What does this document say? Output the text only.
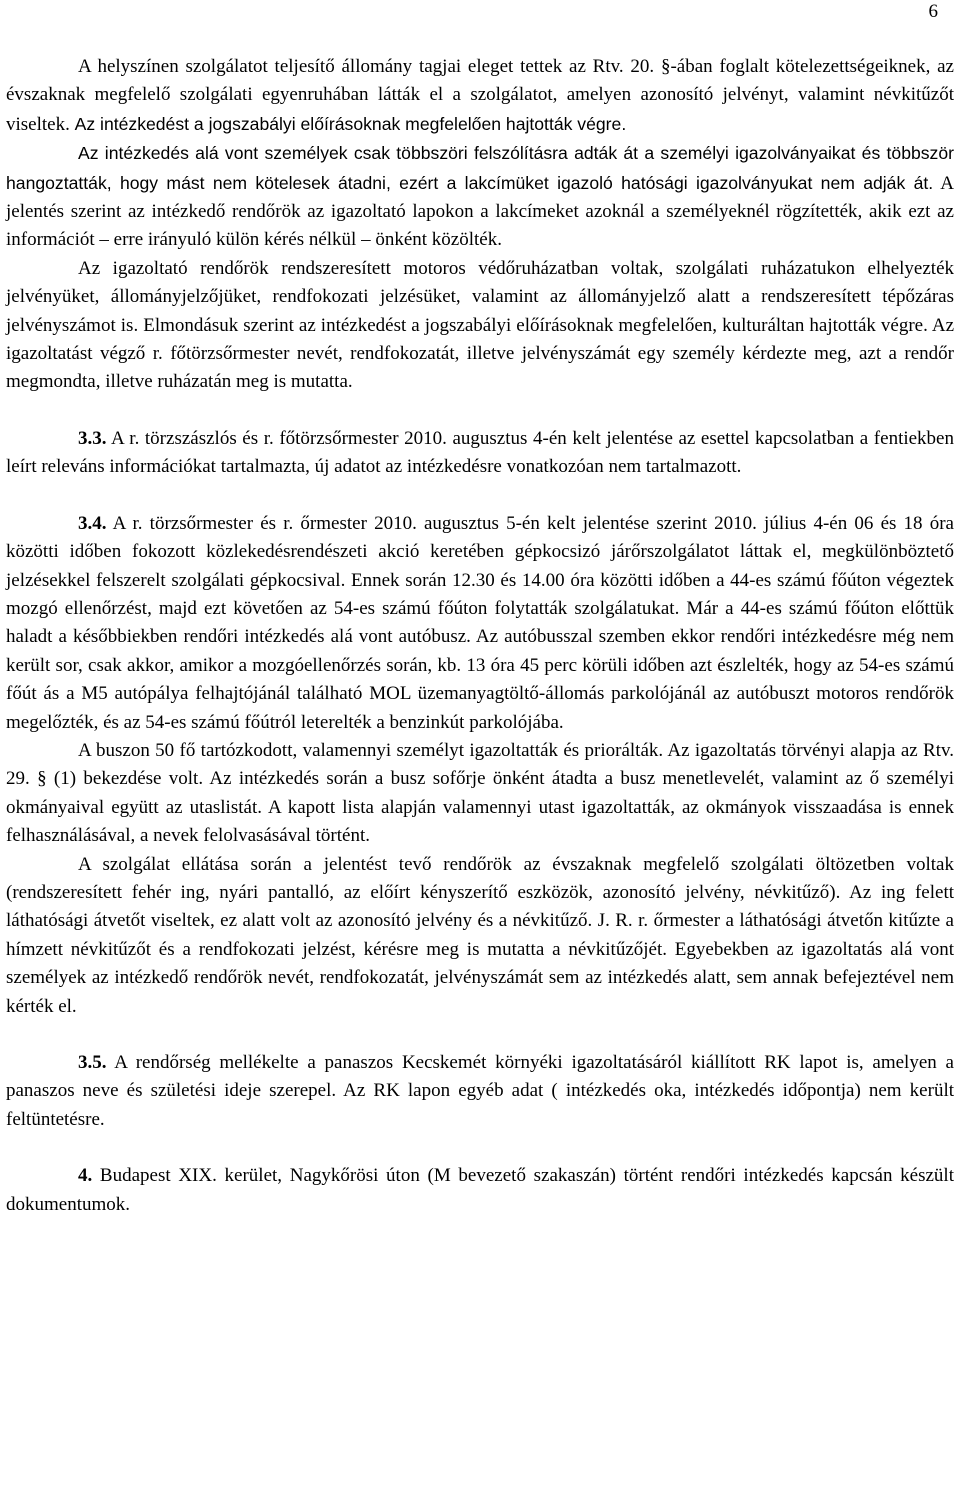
6

A helyszínen szolgálatot teljesítő állomány tagjai eleget tettek az Rtv. 20. §-ában foglalt kötelezettségeiknek, az évszaknak megfelelő szolgálati egyenruhában látták el a szolgálatot, amelyen azonosító jelvényt, valamint névkitűzőt viseltek. Az intézkedést a jogszabályi előírásoknak megfelelően hajtották végre.

Az intézkedés alá vont személyek csak többszöri felszólításra adták át a személyi igazolványaikat és többször hangoztatták, hogy mást nem kötelesek átadni, ezért a lakcímüket igazoló hatósági igazolványukat nem adják át. A jelentés szerint az intézkedő rendőrök az igazoltató lapokon a lakcímeket azoknál a személyeknél rögzítették, akik ezt az információt – erre irányuló külön kérés nélkül – önként közölték.

Az igazoltató rendőrök rendszeresített motoros védőruházatban voltak, szolgálati ruházatukon elhelyezték jelvényüket, állományjelzőjüket, rendfokozati jelzésüket, valamint az állományjelző alatt a rendszeresített tépőzáras jelvényszámot is. Elmondásuk szerint az intézkedést a jogszabályi előírásoknak megfelelően, kulturáltan hajtották végre. Az igazoltatást végző r. főtörzsőrmester nevét, rendfokozatát, illetve jelvényszámát egy személy kérdezte meg, azt a rendőr megmondta, illetve ruházatán meg is mutatta.

3.3. A r. törzszászlós és r. főtörzsőrmester 2010. augusztus 4-én kelt jelentése az esettel kapcsolatban a fentiekben leírt releváns információkat tartalmazta, új adatot az intézkedésre vonatkozóan nem tartalmazott.

3.4. A r. törzsőrmester és r. őrmester 2010. augusztus 5-én kelt jelentése szerint 2010. július 4-én 06 és 18 óra közötti időben fokozott közlekedésrendészeti akció keretében gépkocsizó járőrszolgálatot láttak el, megkülönböztető jelzésekkel felszerelt szolgálati gépkocsival. Ennek során 12.30 és 14.00 óra közötti időben a 44-es számú főúton végeztek mozgó ellenőrzést, majd ezt követően az 54-es számú főúton folytatták szolgálatukat. Már a 44-es számú főúton előttük haladt a későbbiekben rendőri intézkedés alá vont autóbusz. Az autóbusszal szemben ekkor rendőri intézkedésre még nem került sor, csak akkor, amikor a mozgóellenőrzés során, kb. 13 óra 45 perc körüli időben azt észlelték, hogy az 54-es számú főút ás a M5 autópálya felhajtójánál található MOL üzemanyagtöltő-állomás parkolójánál az autóbuszt motoros rendőrök megelőzték, és az 54-es számú főútról leterelték a benzinkút parkolójába.

A buszon 50 fő tartózkodott, valamennyi személyt igazoltatták és priorálták. Az igazoltatás törvényi alapja az Rtv. 29. § (1) bekezdése volt. Az intézkedés során a busz sofőrje önként átadta a busz menetlevelét, valamint az ő személyi okmányaival együtt az utaslistát. A kapott lista alapján valamennyi utast igazoltatták, az okmányok visszaadása is ennek felhasználásával, a nevek felolvasásával történt.

A szolgálat ellátása során a jelentést tevő rendőrök az évszaknak megfelelő szolgálati öltözetben voltak (rendszeresített fehér ing, nyári pantalló, az előírt kényszerítő eszközök, azonosító jelvény, névkitűző). Az ing felett láthatósági átvetőt viseltek, ez alatt volt az azonosító jelvény és a névkitűző. J. R. r. őrmester a láthatósági átvetőn kitűzte a hímzett névkitűzőt és a rendfokozati jelzést, kérésre meg is mutatta a névkitűzőjét. Egyebekben az igazoltatás alá vont személyek az intézkedő rendőrök nevét, rendfokozatát, jelvényszámát sem az intézkedés alatt, sem annak befejeztével nem kérték el.

3.5. A rendőrség mellékelte a panaszos Kecskemét környéki igazoltatásáról kiállított RK lapot is, amelyen a panaszos neve és születési ideje szerepel. Az RK lapon egyéb adat ( intézkedés oka, intézkedés időpontja) nem került feltüntetésre.

4. Budapest XIX. kerület, Nagykőrösi úton (M bevezető szakaszán) történt rendőri intézkedés kapcsán készült dokumentumok.
